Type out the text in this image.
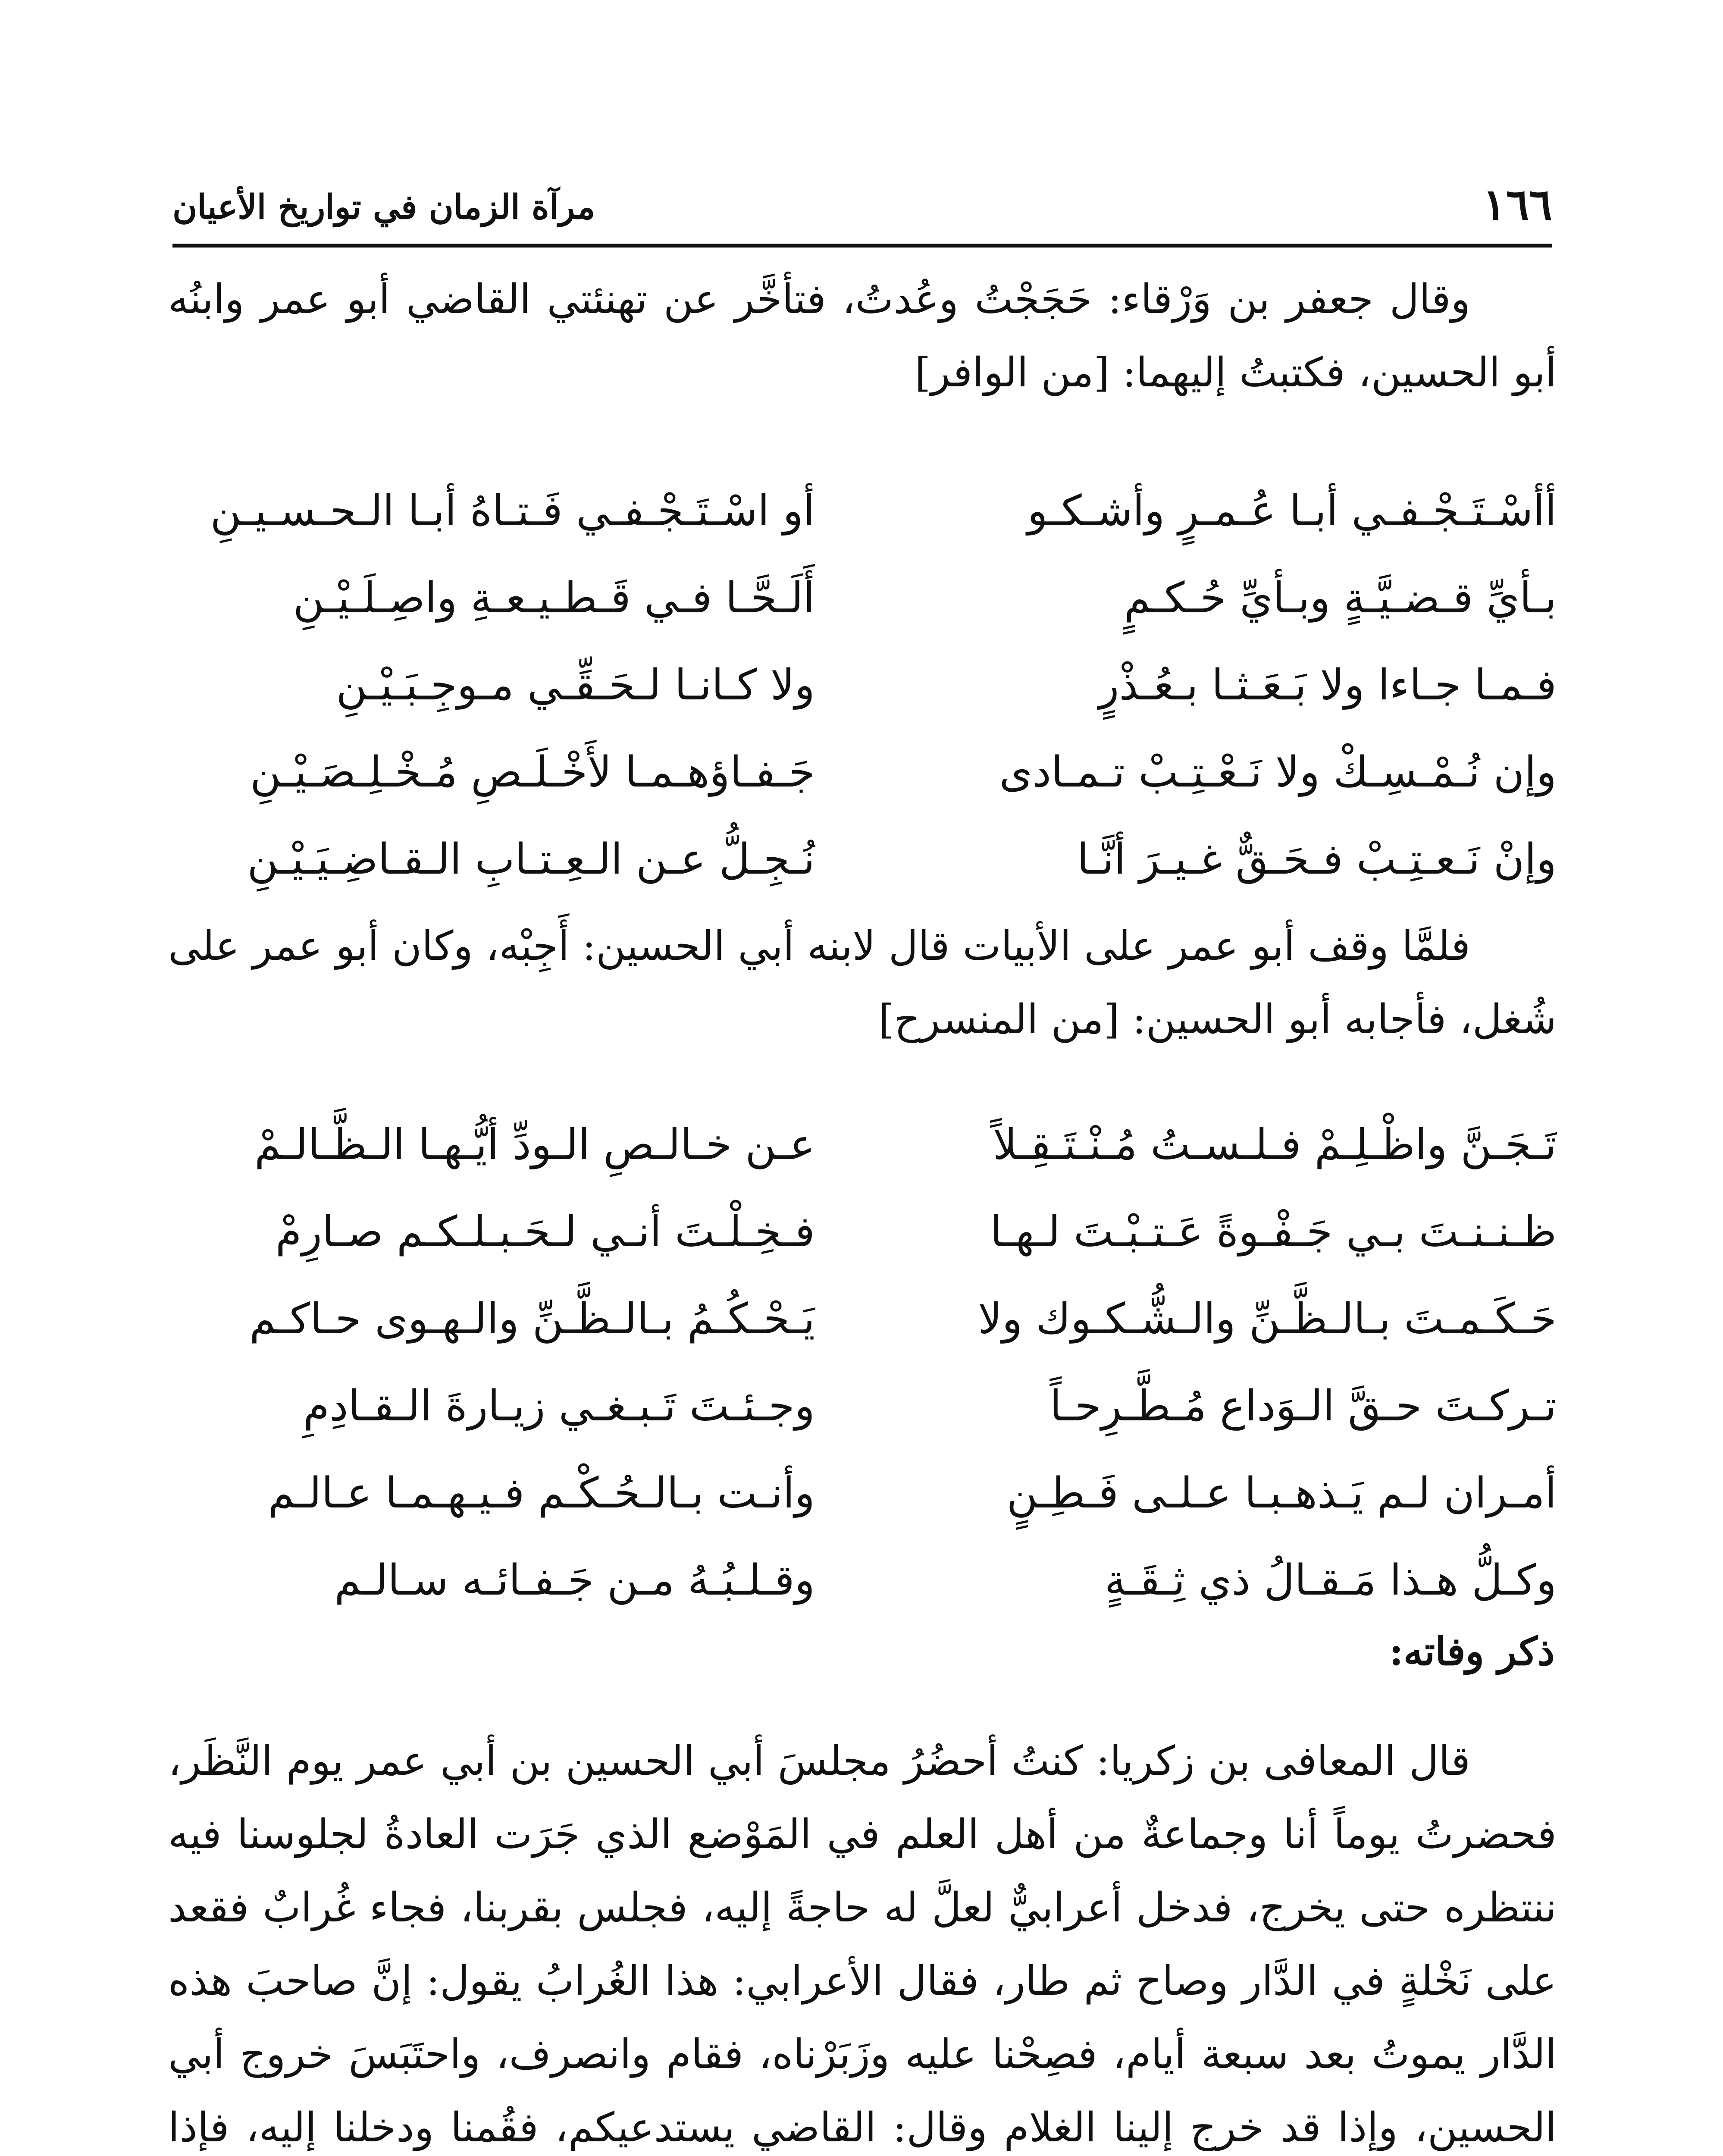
١٦٦
مرآة الزمان في تواريخ الأعيان

وقال جعفر بن وَرْقاء: حَجَجْتُ وعُدتُ، فتأخَّر عن تهنئتي القاضي أبو عمر وابنُه أبو الحسين، فكتبتُ إليهما: [من الوافر]

أأسْـتَـجْـفـي أبـا عُـمـرٍ وأشـكـو
أو اسْـتَـجْـفـي فَـتـاهُ أبـا الـحـسـيـنِ
بـأيِّ قـضـيَّـةٍ وبـأيِّ حُـكـمٍ
أَلَـحَّـا فـي قَـطـيـعـةِ واصِـلَـيْـنِ
فـمـا جـاءا ولا بَـعَـثـا بـعُـذْرٍ
ولا كـانـا لـحَـقِّـي مـوجِـبَـيْـنِ
وإن نُـمْـسِـكْ ولا نَـعْـتِـبْ تـمـادى
جَـفـاؤهـمـا لأَخْـلَـصِ مُـخْـلِـصَـيْـنِ
وإنْ نَـعـتِـبْ فـحَـقٌّ غـيـرَ أنَّـا
نُـجِـلُّ عـن الـعِـتـابِ الـقـاضِـيَـيْـنِ

فلمَّا وقف أبو عمر على الأبيات قال لابنه أبي الحسين: أَجِبْه، وكان أبو عمر على شُغل، فأجابه أبو الحسين: [من المنسرح]

تَـجَـنَّ واظْـلِـمْ فـلـسـتُ مُـنْـتَـقِـلاً
عـن خـالـصِ الـودِّ أيُّـهـا الـظَّـالـمْ
ظـنـنـتَ بـي جَـفْـوةً عَـتـبْـتَ لـهـا
فـخِـلْـتَ أنـي لـحَـبـلـكـم صـارِمْ
حَـكَـمـتَ بـالـظَّـنِّ والـشُّـكـوك ولا
يَـحْـكُـمُ بـالـظَّـنِّ والـهـوى حـاكـم
تـركـتَ حـقَّ الـوَداع مُـطَّـرِحـاً
وجـئـتَ تَـبـغـي زيـارةَ الـقـادِمِ
أمـران لـم يَـذهـبـا عـلـى فَـطِـنٍ
وأنـت بـالـحُـكْـم فـيـهـمـا عـالـم
وكـلُّ هـذا مَـقـالُ ذي ثِـقَـةٍ
وقـلـبُـهُ مـن جَـفـائـه سـالـم
ذكر وفاته:

قال المعافى بن زكريا: كنتُ أحضُرُ مجلسَ أبي الحسين بن أبي عمر يوم النَّظَر، فحضرتُ يوماً أنا وجماعةٌ من أهل العلم في المَوْضع الذي جَرَت العادةُ لجلوسنا فيه ننتظره حتى يخرج، فدخل أعرابيٌّ لعلَّ له حاجةً إليه، فجلس بقربنا، فجاء غُرابٌ فقعد على نَخْلةٍ في الدَّار وصاح ثم طار، فقال الأعرابي: هذا الغُرابُ يقول: إنَّ صاحبَ هذه الدَّار يموتُ بعد سبعة أيام، فصِحْنا عليه وزَبَرْناه، فقام وانصرف، واحتَبَسَ خروج أبي الحسين، وإذا قد خرج إلينا الغلام وقال: القاضي يستدعيكم، فقُمنا ودخلنا إليه، فإذا
